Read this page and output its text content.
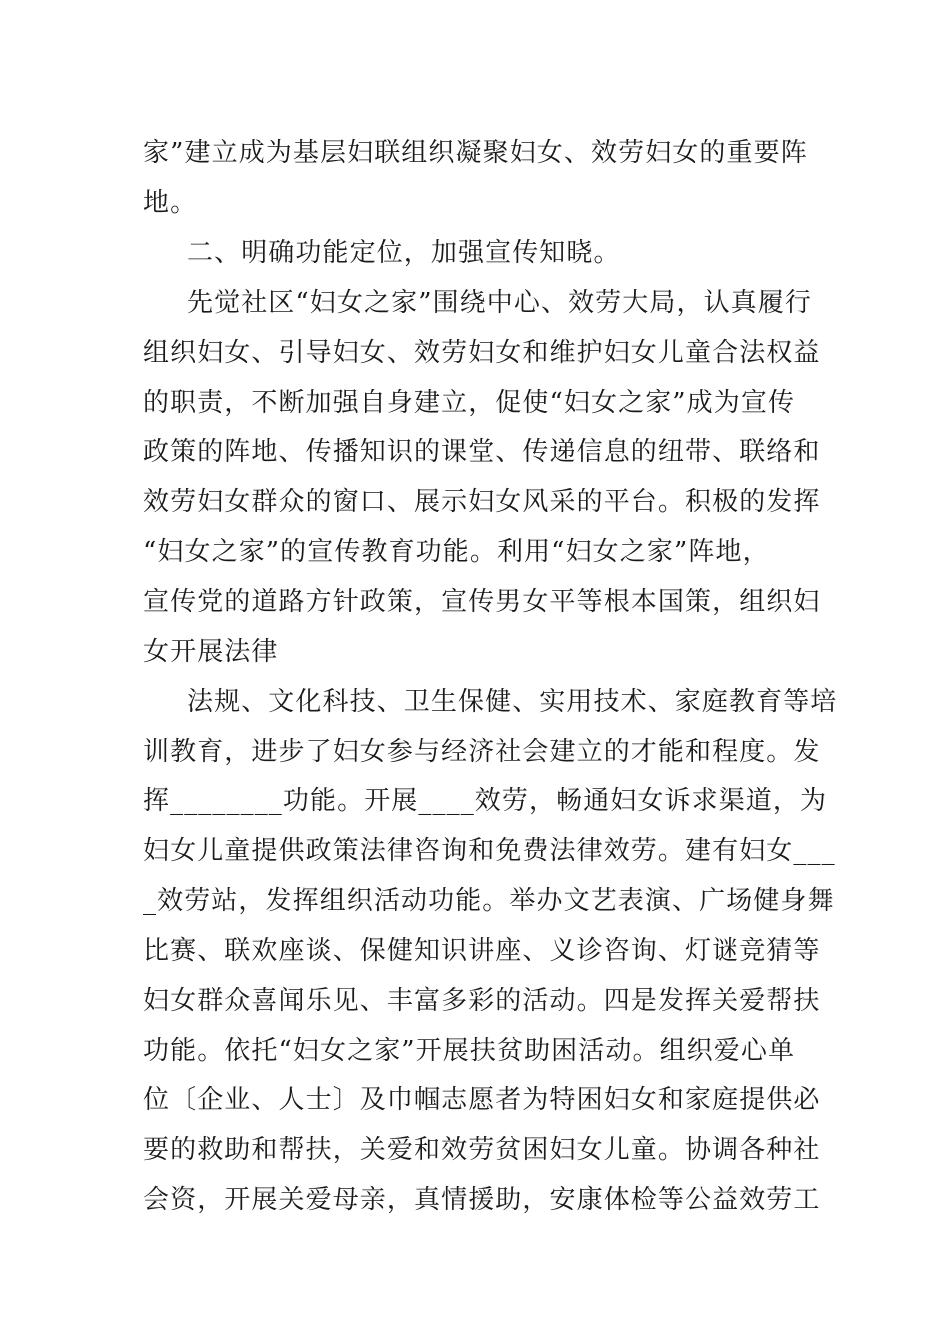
家”建立成为基层妇联组织凝聚妇女、效劳妇女的重要阵
地。
二、明确功能定位，加强宣传知晓。
先觉社区“妇女之家”围绕中心、效劳大局，认真履行
组织妇女、引导妇女、效劳妇女和维护妇女儿童合法权益
的职责，不断加强自身建立，促使“妇女之家”成为宣传
政策的阵地、传播知识的课堂、传递信息的纽带、联络和
效劳妇女群众的窗口、展示妇女风采的平台。积极的发挥
“妇女之家”的宣传教育功能。利用“妇女之家”阵地，
宣传党的道路方针政策，宣传男女平等根本国策，组织妇
女开展法律
法规、文化科技、卫生保健、实用技术、家庭教育等培
训教育，进步了妇女参与经济社会建立的才能和程度。发
挥________功能。开展____效劳，畅通妇女诉求渠道，为
妇女儿童提供政策法律咨询和免费法律效劳。建有妇女___
_效劳站，发挥组织活动功能。举办文艺表演、广场健身舞
比赛、联欢座谈、保健知识讲座、义诊咨询、灯谜竞猜等
妇女群众喜闻乐见、丰富多彩的活动。四是发挥关爱帮扶
功能。依托“妇女之家”开展扶贫助困活动。组织爱心单
位〔企业、人士〕及巾帼志愿者为特困妇女和家庭提供必
要的救助和帮扶，关爱和效劳贫困妇女儿童。协调各种社
会资，开展关爱母亲，真情援助，安康体检等公益效劳工
